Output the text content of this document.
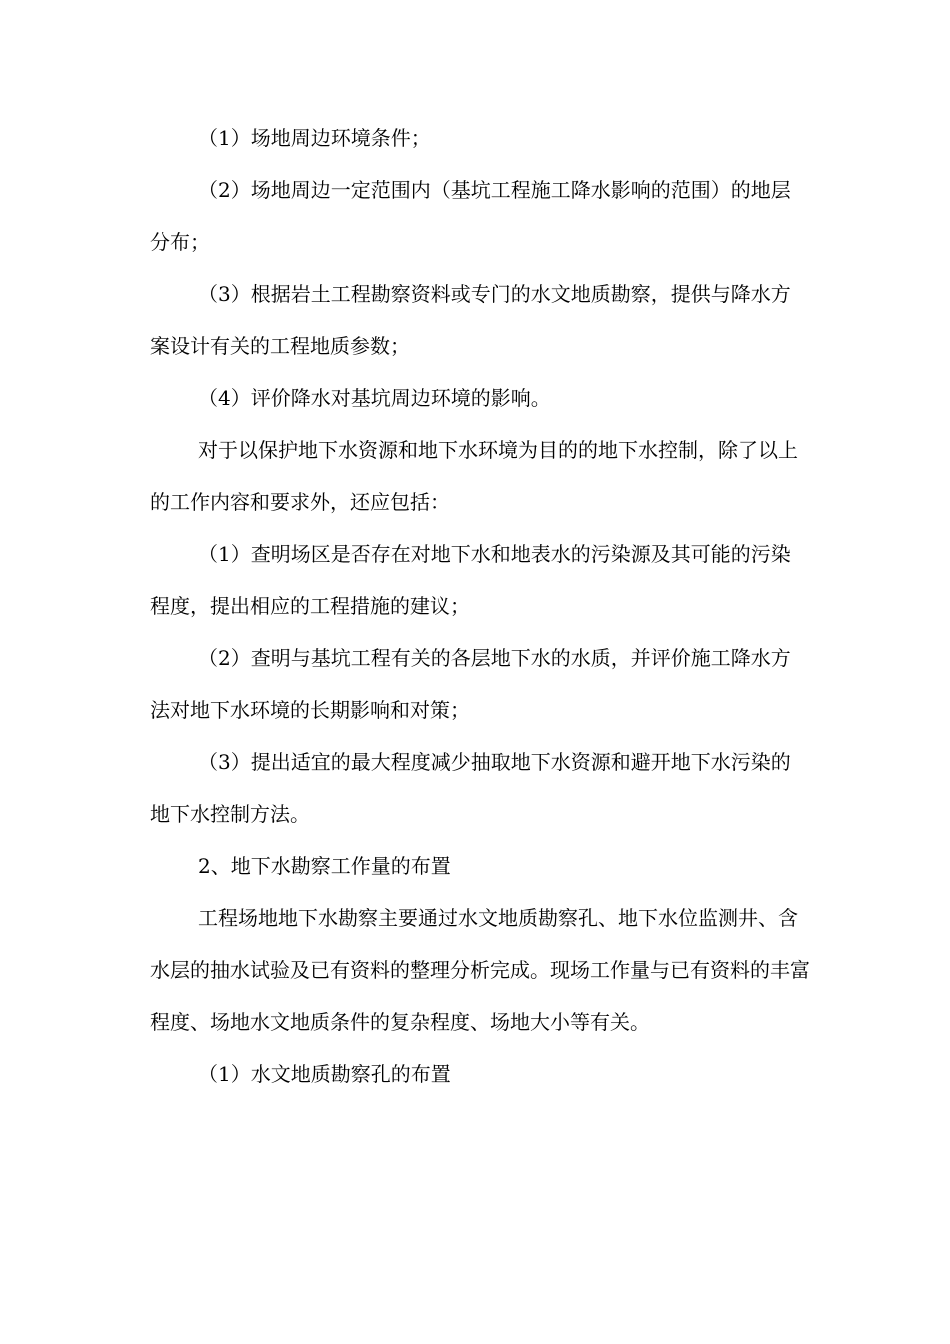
（1）场地周边环境条件；

（2）场地周边一定范围内（基坑工程施工降水影响的范围）的地层分布；

（3）根据岩土工程勘察资料或专门的水文地质勘察，提供与降水方案设计有关的工程地质参数；

（4）评价降水对基坑周边环境的影响。

对于以保护地下水资源和地下水环境为目的的地下水控制，除了以上的工作内容和要求外，还应包括：

（1）查明场区是否存在对地下水和地表水的污染源及其可能的污染程度，提出相应的工程措施的建议；

（2）查明与基坑工程有关的各层地下水的水质，并评价施工降水方法对地下水环境的长期影响和对策；

（3）提出适宜的最大程度减少抽取地下水资源和避开地下水污染的地下水控制方法。

2、地下水勘察工作量的布置

工程场地地下水勘察主要通过水文地质勘察孔、地下水位监测井、含水层的抽水试验及已有资料的整理分析完成。现场工作量与已有资料的丰富程度、场地水文地质条件的复杂程度、场地大小等有关。

（1）水文地质勘察孔的布置
